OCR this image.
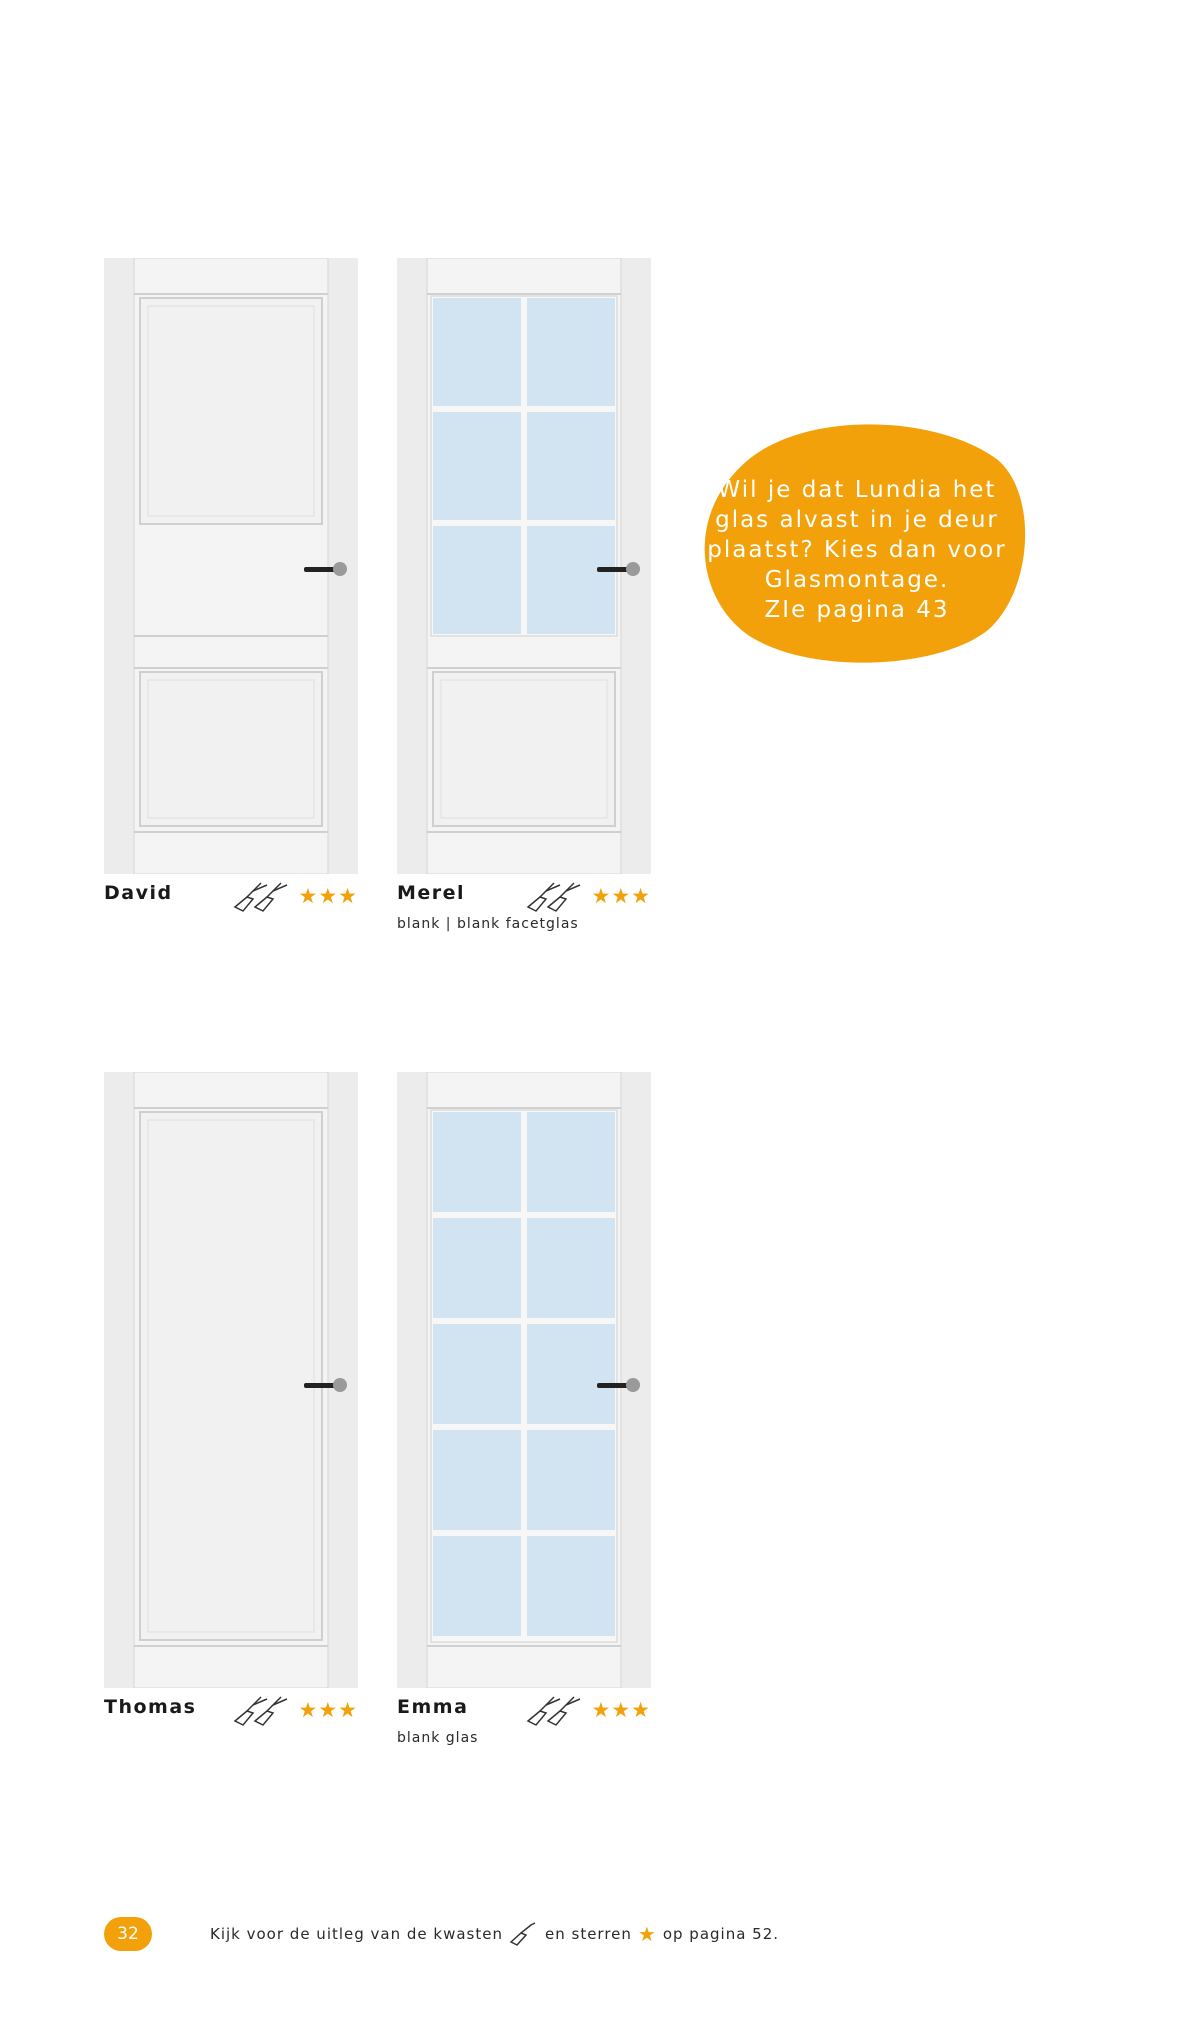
David	★★★ Merel	★★★
blank | blank facetglas
Wil je dat Lundia het
glas alvast in je deur
plaatst? Kies dan voor
Glasmontage.
ZIe pagina 43
Thomas	★★★ Emma	★★★
blank glas
32	Kijk voor de uitleg van de kwasten	en sterren ★ op pagina 52.
